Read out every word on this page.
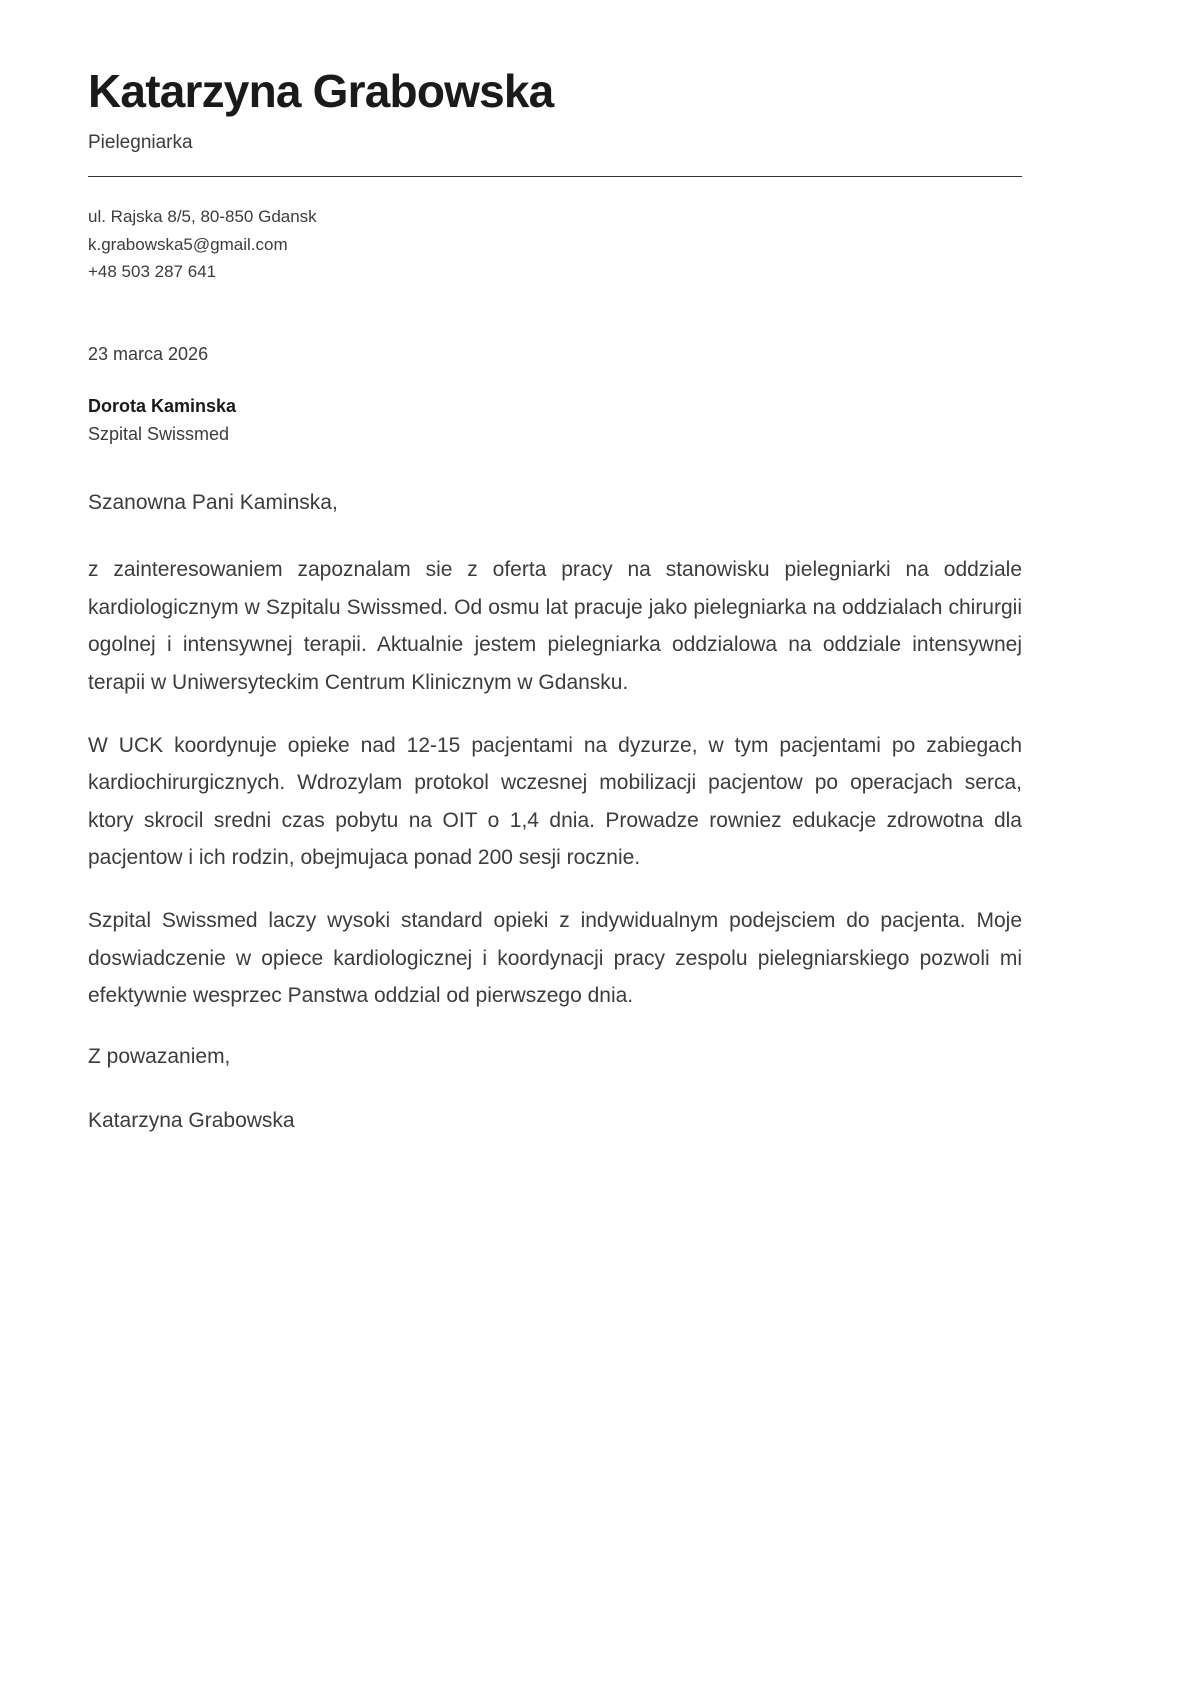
Katarzyna Grabowska
Pielegniarka
ul. Rajska 8/5, 80-850 Gdansk
k.grabowska5@gmail.com
+48 503 287 641
23 marca 2026
Dorota Kaminska
Szpital Swissmed

Szanowna Pani Kaminska,

z zainteresowaniem zapoznalam sie z oferta pracy na stanowisku pielegniarki na oddziale kardiologicznym w Szpitalu Swissmed. Od osmu lat pracuje jako pielegniarka na oddzialach chirurgii ogolnej i intensywnej terapii. Aktualnie jestem pielegniarka oddzialowa na oddziale intensywnej terapii w Uniwersyteckim Centrum Klinicznym w Gdansku.

W UCK koordynuje opieke nad 12-15 pacjentami na dyzurze, w tym pacjentami po zabiegach kardiochirurgicznych. Wdrozylam protokol wczesnej mobilizacji pacjentow po operacjach serca, ktory skrocil sredni czas pobytu na OIT o 1,4 dnia. Prowadze rowniez edukacje zdrowotna dla pacjentow i ich rodzin, obejmujaca ponad 200 sesji rocznie.

Szpital Swissmed laczy wysoki standard opieki z indywidualnym podejsciem do pacjenta. Moje doswiadczenie w opiece kardiologicznej i koordynacji pracy zespolu pielegniarskiego pozwoli mi efektywnie wesprzec Panstwa oddzial od pierwszego dnia.

Z powazaniem,

Katarzyna Grabowska
